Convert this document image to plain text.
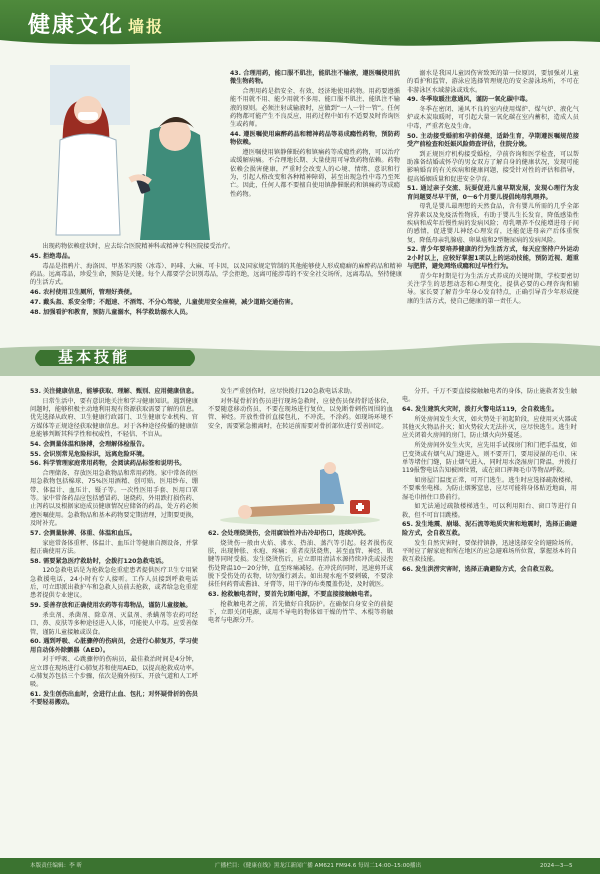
健康文化 墙报

43. 合理用药，能口服不肌注，能肌注不输液，遵医嘱使用抗微生物药物。

合理用药是指安全、有效、经济地使用药物。用药要遵循能不用就不用、能少用就不多用、能口服不肌注、能肌注不输液的原则。必须注射或输液时，应做到“一人一针一管”。任何药物都可能产生不良反应，用药过程中如有不适要及时咨询医生或药师。

44. 遵医嘱使用麻醉药品和精神药品等易成瘾性药物，预防药物依赖。

遵医嘱使用镇静催眠药和镇痛药等成瘾性药物，可以治疗或缓解病痛。不合理地长期、大量使用可导致药物依赖。药物依赖会损害健康，严重时会改变人的心境、情绪、意识和行为，引起人格改变和各种精神障碍，甚至出现急性中毒乃至死亡。因此，任何人都不要擅自使用镇静催眠药和镇痛药等成瘾性药物。

溺水是我国儿童因伤害致死的第一位原因，要加强对儿童的看护和监管，游泳应选择管理规范的安全游泳场所，不可在非游泳区水域游泳或戏水。

49. 冬季取暖注意通风，谨防一氧化碳中毒。

冬季在密闭、通风不良的室内使用煤炉、煤气炉、液化气炉或木炭取暖时，可引起大量一氧化碳在室内蓄积，造成人员中毒，严重者危及生命。

50. 主动接受婚前和孕前保健，适龄生育，孕期遵医嘱规范接受产前检查和妊娠风险筛查评估，住院分娩。

到正规医疗机构接受婚检，孕前咨询和医学检查，可以帮助准备结婚或怀孕的男女双方了解自身的健康状况，发现可能影响婚育的有关疾病和健康问题，接受针对性的评估和指导，提高婚姻质量和促进安全孕育。

51. 通过亲子交流、玩耍促进儿童早期发展，发现心理行为发育问题要尽早干预，0～6个月婴儿提倡纯母乳喂养。

母乳是婴儿最理想的天然食品，含有婴儿所需的几乎全部营养素以及免疫活性物质，有助于婴儿生长发育，降低感染性疾病和成年后慢性病的发病风险；母乳喂养不仅能增进母子间的感情，促进婴儿神经心理发育，还能促进母亲产后体重恢复，降低母亲乳腺癌、卵巢癌和2型糖尿病的发病风险。

52. 青少年要培养健康的行为生活方式，每天应坚持户外运动2小时以上，应较好掌握1项以上的运动技能，预防近视、超重与肥胖，避免网络成瘾和过早性行为。

青少年时期是行为生活方式养成的关键时期，学校要密切关注学生的思想动态和心理变化，提供必要的心理咨询和辅导。家长要了解青少年身心发育特点，正确引导青少年形成健康的生活方式，使自己健康的第一责任人。

出现药物依赖症状时，应去综合医院精神科或精神专科医院接受治疗。

45. 拒绝毒品。

毒品是指鸦片、海洛因、甲基苯丙胺（冰毒）、吗啡、大麻、可卡因，以及国家规定管制的其他能够使人形成瘾癖的麻醉药品和精神药品。远离毒品，珍爱生命，预防是关键。每个人都要学会识别毒品，学会拒绝，远离可能涉毒的不安全社交场所，远离毒品，坚持健康的生活方式。

46. 农村使用卫生厕所，管理好粪便。

47. 戴头盔、系安全带；不超速、不酒驾、不分心驾驶，儿童使用安全座椅，减少道路交通伤害。

48. 加强看护和教育，预防儿童溺水，科学救助溺水人员。

基本技能

53. 关注健康信息，能够获取、理解、甄别、应用健康信息。

日常生活中，要有意识地关注和学习健康知识。遇到健康问题时，能够积极主动地利用现有资源获取需要了解的信息。优先选择从政府、卫生健康行政部门、卫生健康专业机构、官方媒体等正规途径获取健康信息。对于各种途径传播的健康信息能够判断其科学性和权威性，不轻信、不盲从。

54. 会测量体温和脉搏，会理解体检报告。

55. 会识别常见危险标识，远离危险环境。

56. 科学管理家庭常用药物，会阅读药品标签和说明书。

合理储备、存放医用急救物品和常用药物。家中常备的医用急救物包括棉球、75%医用酒精、创可贴、医用纱布、绷带、体温计、血压计、镊子等。一次性医用手套、医用口罩等。家中常备药品应包括感冒药、退烧药、外用跌打损伤药、止泻药以及根据家庭成员健康情况应储备的药品，处方药必须遵医嘱使用。急救物品和基本药物要定期清理，过期要更换，及时补充。

57. 会测量脉搏、体重、体温和血压。

家庭常备体重秤、体温计、血压计等健康自测设备，并掌握正确使用方法。

58. 需要紧急医疗救助时，会拨打120急救电话。

120急救电话是为抢救急危重症患者提供医疗卫生专用紧急救援电话，24小时有专人接听。工作人员接到呼救电话后，可立即派出救护车和急救人员前去抢救，或者给急危重症患者提供专业建议。

59. 妥善存放和正确使用农药等有毒物品，谨防儿童接触。

杀虫剂、杀菌剂、除草剂、灭鼠剂、杀螨剂等农药可经口、鼻、皮肤等多种途径进入人体，可能使人中毒。应妥善保管，谨防儿童接触或误食。

60. 遇到呼吸、心脏骤停的伤病员，会进行心肺复苏，学习使用自动体外除颤器（AED）。

对于呼吸、心跳骤停的伤病员，最佳救治时间是4分钟，应立即在现场进行心肺复苏和使用AED，以提高抢救成功率。心肺复苏包括三个步骤，依次是胸外按压、开放气道和人工呼吸。

61. 发生创伤出血时，会进行止血、包扎；对怀疑骨折的伤员不要轻易搬动。

发生严重创伤时，应尽快拨打120急救电话求助。

对怀疑骨折的伤员进行现场急救时，应使伤员保持舒适体位，不要随意移动伤员，不要在现场进行复位，以免断骨刺伤周围的血管、神经。开放性骨折直接包扎，不冲洗，不涂药。如现场环境不安全，需要紧急搬离时，在转运前需要对骨折部位进行妥善固定。

62. 会处理烧烫伤，会用腐蚀性冲击冷却伤口，连续冲洗。

烧烫伤一般由火焰、沸水、热油、蒸汽等引起。轻者损伤皮肤，出现肿胀、水疱、疼痛；重者皮肤烧焦，甚至血管、神经、肌腱等同时受损。发生烧烫伤后，应立即用清洁水源持续冲洗或浸泡伤处降温10～20分钟，直至疼痛减轻。在冲洗的同时，迅速剪开或脱下受伤处的衣物，切勿强行剥去。如出现水疱不要刺破，不要涂抹任何药膏或酱油、牙膏等，用干净的布类覆盖伤处，及时就医。

63. 抢救触电者时，要首先切断电源，不要直接接触触电者。

抢救触电者之前，首先做好自我防护。在确保自身安全的前提下，立即关闭电源，或用不导电的物体如干燥的竹竿、木棍等将触电者与电源分开。

分开。千万不要直接接触触电者的身体，防止施救者发生触电。

64. 发生建筑火灾时，拨打火警电话119，会自救逃生。

所处房间发生火灾，如火势处于初起阶段，应使用灭火器或其他灭火物品扑灭；如火势较大无法扑灭，应尽快逃生。逃生时应关闭着火房间的房门，防止烟火向外蔓延。

所处房间外发生火灾，应先用手试探房门和门把手温度，如已变烫或有烟气从门缝进入，则不要开门，要用浸湿的毛巾、床单等堵住门缝，防止烟气进入，同时用水浇湿房门降温，并拨打119报警电话告知被困位置，或在窗口挥舞毛巾等物品呼救。

如房屋门温度正常，可开门逃生。逃生时应选择疏散楼梯，不要乘坐电梯。为防止烟雾窒息，应尽可能将身体贴近地面，用湿毛巾捂住口鼻前行。

如无法通过疏散楼梯逃生，可以利用阳台、窗口等进行自救，但不可盲目跳楼。

65. 发生地震、崩塌、泥石流等地质灾害和地震时，选择正确避险方式，会自救互救。

发生自然灾害时，要保持镇静，迅速选择安全的避险场所。平时应了解家庭和所在地区的应急避难场所位置，掌握基本的自救互救技能。

66. 发生洪涝灾害时，选择正确避险方式，会自救互救。

本版责任编辑：李 昕	广播栏目：《健康在线》黑龙江新闻广播 AM621 FM94.6 每周二14:00–15:00播出	2024—3—5
